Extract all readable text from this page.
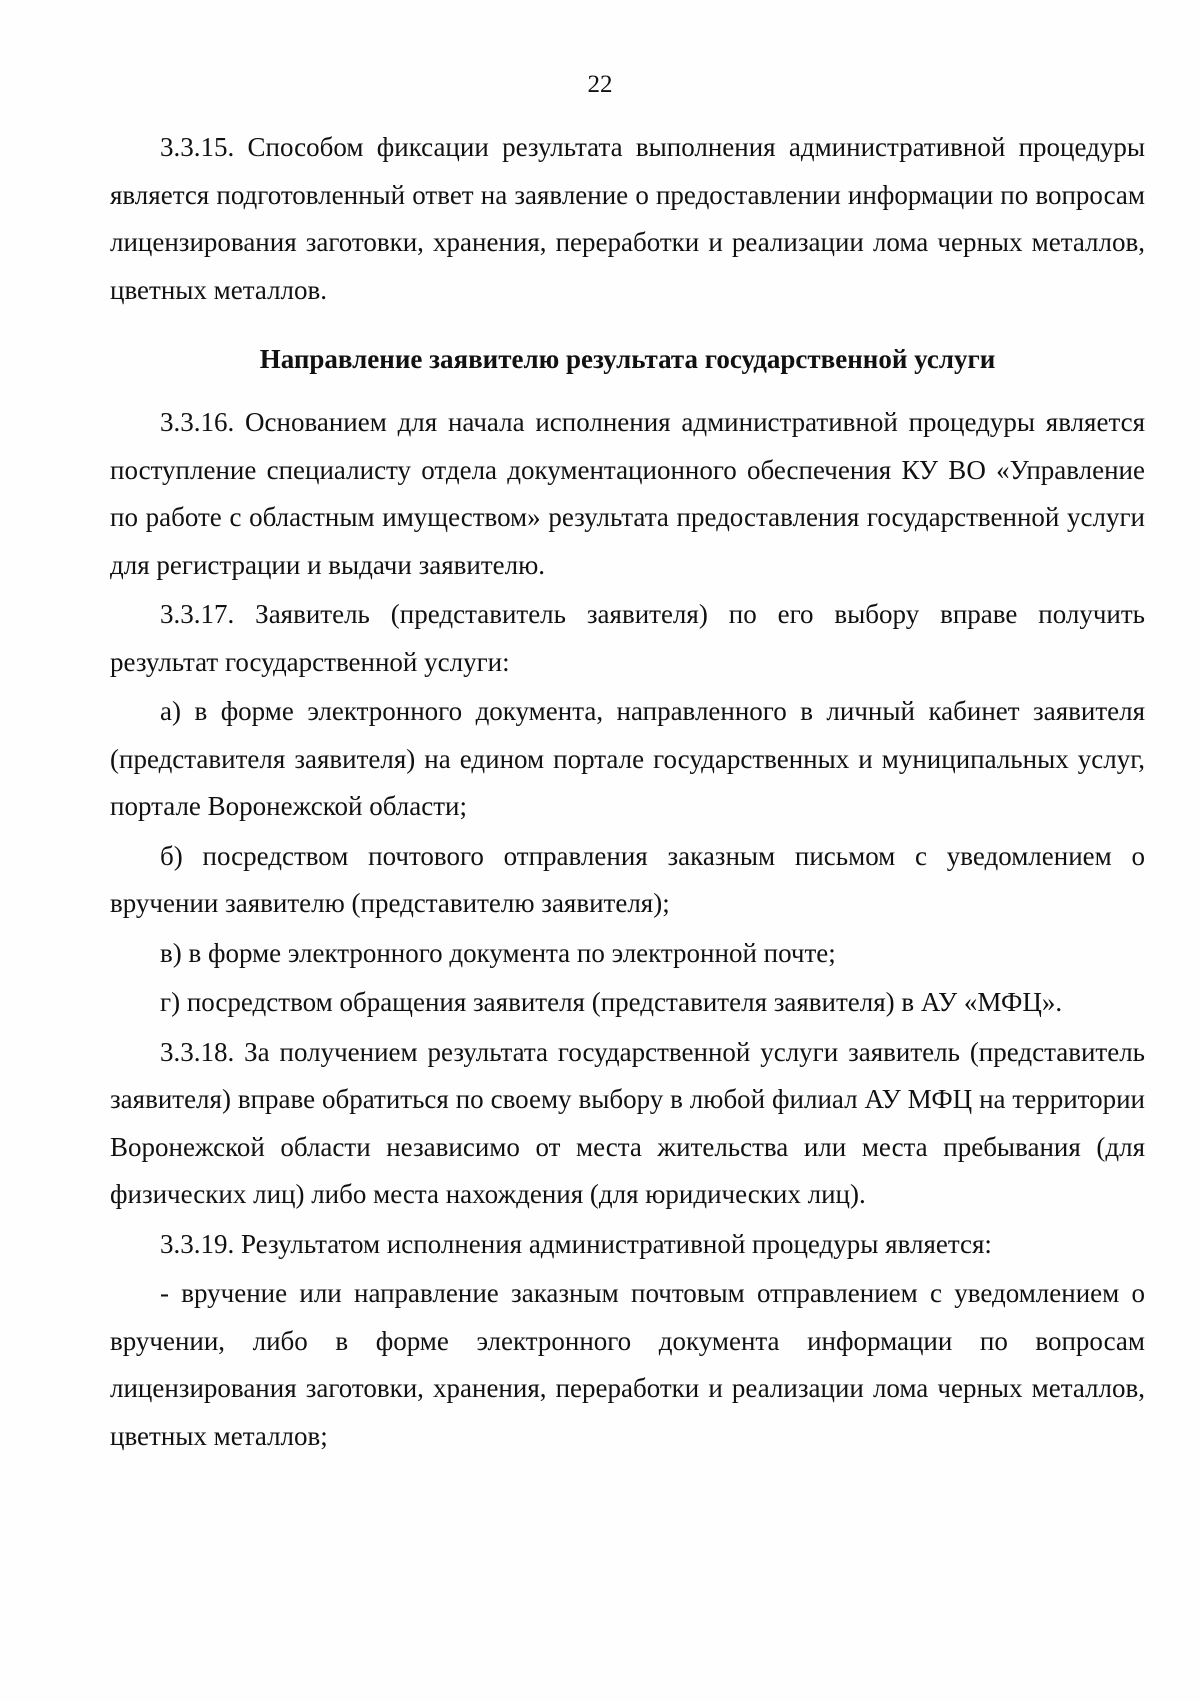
22

3.3.15. Способом фиксации результата выполнения административной процедуры является подготовленный ответ на заявление о предоставлении информации по вопросам лицензирования заготовки, хранения, переработки и реализации лома черных металлов, цветных металлов.

Направление заявителю результата государственной услуги

3.3.16. Основанием для начала исполнения административной процедуры является поступление специалисту отдела документационного обеспечения КУ ВО «Управление по работе с областным имуществом» результата предоставления государственной услуги для регистрации и выдачи заявителю.

3.3.17. Заявитель (представитель заявителя) по его выбору вправе получить результат государственной услуги:

а) в форме электронного документа, направленного в личный кабинет заявителя (представителя заявителя) на едином портале государственных и муниципальных услуг, портале Воронежской области;

б) посредством почтового отправления заказным письмом с уведомлением о вручении заявителю (представителю заявителя);

в) в форме электронного документа по электронной почте;

г) посредством обращения заявителя (представителя заявителя) в АУ «МФЦ».

3.3.18. За получением результата государственной услуги заявитель (представитель заявителя) вправе обратиться по своему выбору в любой филиал АУ МФЦ на территории Воронежской области независимо от места жительства или места пребывания (для физических лиц) либо места нахождения (для юридических лиц).

3.3.19. Результатом исполнения административной процедуры является:

- вручение или направление заказным почтовым отправлением с уведомлением о вручении, либо в форме электронного документа информации по вопросам лицензирования заготовки, хранения, переработки и реализации лома черных металлов, цветных металлов;
